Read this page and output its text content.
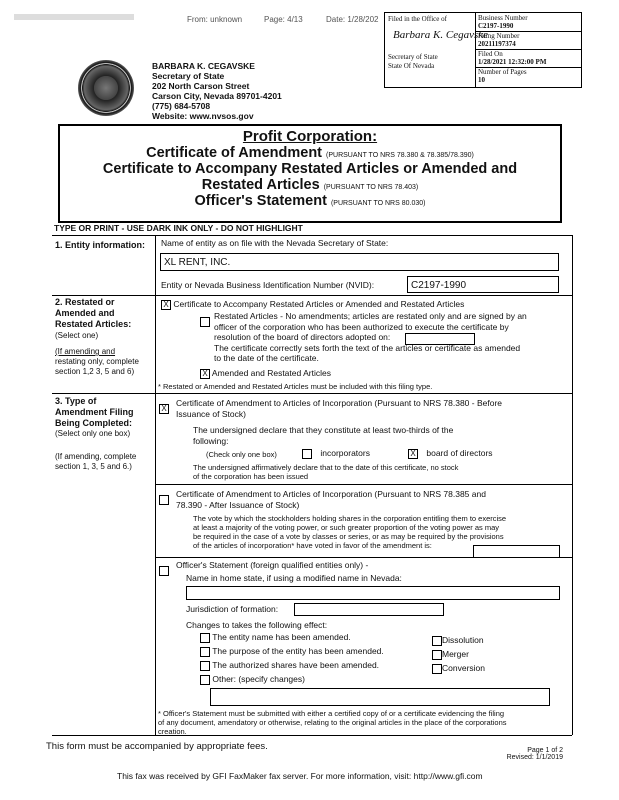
From: unknown	Page: 4/13	Date: 1/28/202
BARBARA K. CEGAVSKE
Secretary of State
202 North Carson Street
Carson City, Nevada 89701-4201
(775) 684-5708
Website: www.nvsos.gov
Filed in the Office of
Barbara K. Cegavske
Secretary of State
State Of Nevada
Business Number
C2197-1990
Filing Number
20211197374
Filed On
1/28/2021 12:32:00 PM
Number of Pages
10
Profit Corporation:
Certificate of Amendment (PURSUANT TO NRS 78.380 & 78.385/78.390)
Certificate to Accompany Restated Articles or Amended and
Restated Articles (PURSUANT TO NRS 78.403)
Officer's Statement (PURSUANT TO NRS 80.030)
TYPE OR PRINT - USE DARK INK ONLY - DO NOT HIGHLIGHT
1. Entity information: Name of entity as on file with the Nevada Secretary of State:
XL RENT, INC.
Entity or Nevada Business Identification Number (NVID):	C2197-1990
2. Restated or
Amended and
Restated Articles:
(Select one)
(If amending and
restating only, complete
section 1,2 3, 5 and 6)
X Certificate to Accompany Restated Articles or Amended and Restated Articles
Restated Articles - No amendments; articles are restated only and are signed by an
officer of the corporation who has been authorized to execute the certificate by
resolution of the board of directors adopted on:
The certificate correctly sets forth the text of the articles or certificate as amended
to the date of the certificate.
X Amended and Restated Articles
* Restated or Amended and Restated Articles must be included with this filing type.
3. Type of
Amendment Filing
Being Completed:
(Select only one box)
(If amending, complete
section 1, 3, 5 and 6.)
X
Certificate of Amendment to Articles of Incorporation (Pursuant to NRS 78.380 - Before
Issuance of Stock)
The undersigned declare that they constitute at least two-thirds of the
following:
(Check only one box)	incorporators	X board of directors
The undersigned affirmatively declare that to the date of this certificate, no stock
of the corporation has been issued
Certificate of Amendment to Articles of Incorporation (Pursuant to NRS 78.385 and
78.390 - After Issuance of Stock)
The vote by which the stockholders holding shares in the corporation entitling them to exercise
at least a majority of the voting power, or such greater proportion of the voting power as may
be required in the case of a vote by classes or series, or as may be required by the provisions
of the articles of incorporation* have voted in favor of the amendment is:
Officer's Statement (foreign qualified entities only) -
Name in home state, if using a modified name in Nevada:
Jurisdiction of formation:
Changes to takes the following effect:
The entity name has been amended.
The purpose of the entity has been amended.
The authorized shares have been amended.
Other: (specify changes)
Dissolution
Merger
Conversion
* Officer's Statement must be submitted with either a certified copy of or a certificate evidencing the filing
of any document, amendatory or otherwise, relating to the original articles in the place of the corporations
creation.
This form must be accompanied by appropriate fees.	Page 1 of 2
Revised: 1/1/2019
This fax was received by GFI FaxMaker fax server. For more information, visit: http://www.gfi.com
